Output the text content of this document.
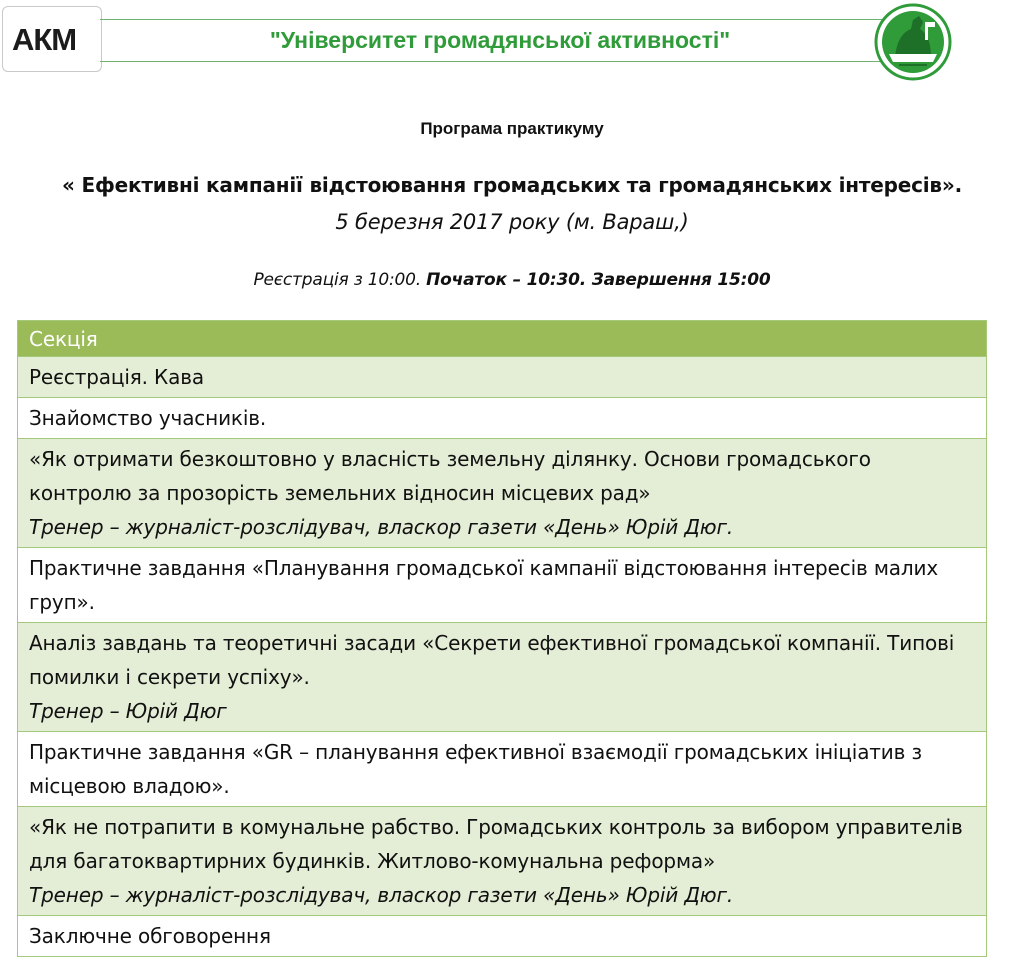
АКМ	"Університет громадянської активності"
Програма практикуму
« Ефективні кампанії відстоювання громадських та громадянських інтересів».
5 березня 2017 року (м. Вараш,)
Реєстрація з 10:00. Початок – 10:30. Завершення 15:00
Секція
Реєстрація. Кава
Знайомство учасників.
«Як отримати безкоштовно у власність земельну ділянку. Основи громадського контролю за прозорість земельних відносин місцевих рад»
Тренер – журналіст-розслідувач, власкор газети «День» Юрій Дюг.

Практичне завдання «Планування громадської кампанії відстоювання інтересів малих груп».
Аналіз завдань та теоретичні засади «Секрети ефективної громадської компанії. Типові помилки і секрети успіху».
Тренер – Юрій Дюг

Практичне завдання «GR – планування ефективної взаємодії громадських ініціатив з місцевою владою».
«Як не потрапити в комунальне рабство. Громадських контроль за вибором управителів для багатоквартирних будинків. Житлово-комунальна реформа»
Тренер – журналіст-розслідувач, власкор газети «День» Юрій Дюг.

Заключне обговорення
